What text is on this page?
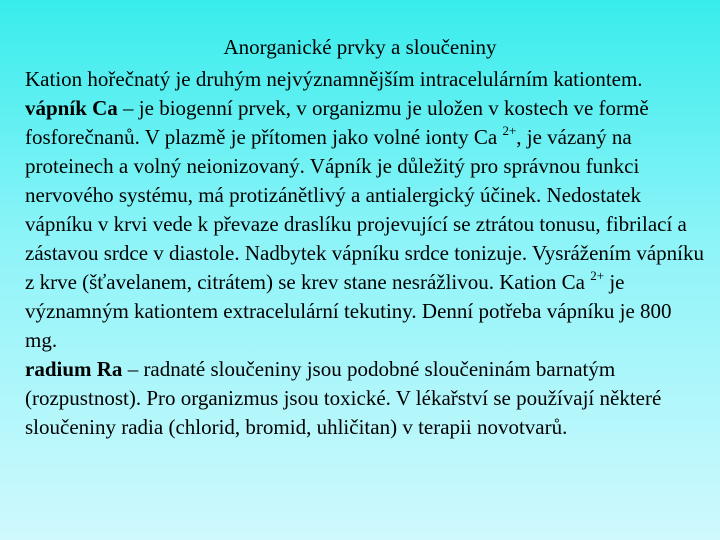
Anorganické prvky a sloučeniny

Kation hořečnatý je druhým nejvýznamnějším intracelulárním kationtem.

vápník Ca – je biogenní prvek, v organizmu je uložen v kostech ve formě fosforečnanů. V plazmě je přítomen jako volné ionty Ca $^{2+}$, je vázaný na proteinech a volný neionizovaný. Vápník je důležitý pro správnou funkci nervového systému, má protizánětlivý a antialergický účinek. Nedostatek vápníku v krvi vede k převaze draslíku projevující se ztrátou tonusu, fibrilací a zástavou srdce v diastole. Nadbytek vápníku srdce tonizuje. Vysrážením vápníku z krve (šťavelanem, citrátem) se krev stane nesrážlivou. Kation Ca $^{2+}$ je významným kationtem extracelulární tekutiny. Denní potřeba vápníku je 800 mg.

radium Ra – radnaté sloučeniny jsou podobné sloučeninám barnatým (rozpustnost). Pro organizmus jsou toxické. V lékařství se používají některé sloučeniny radia (chlorid, bromid, uhličitan) v terapii novotvarů.
